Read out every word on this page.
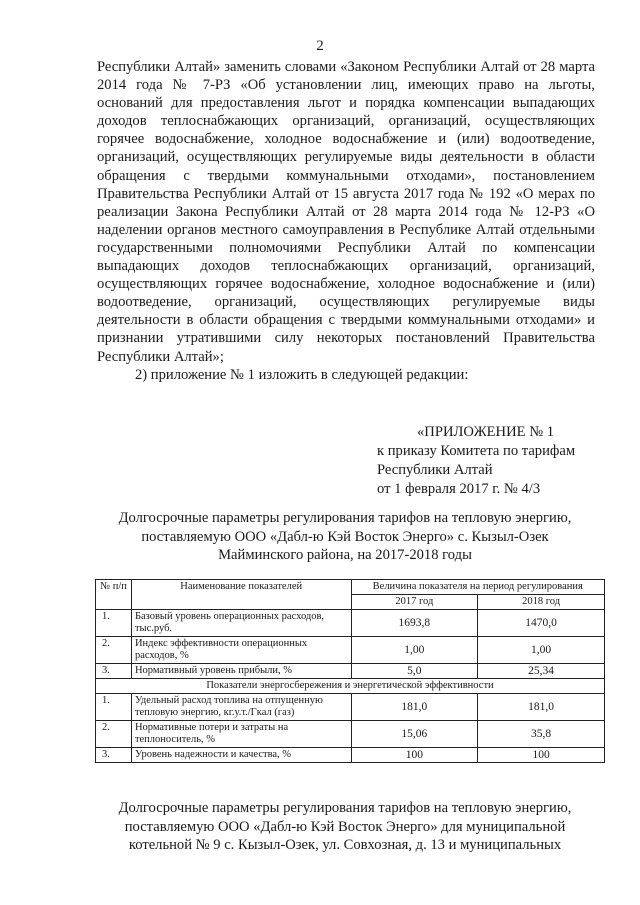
2

Республики Алтай» заменить словами «Законом Республики Алтай от 28 марта 2014 года № 7-РЗ «Об установлении лиц, имеющих право на льготы, оснований для предоставления льгот и порядка компенсации выпадающих доходов теплоснабжающих организаций, организаций, осуществляющих горячее водоснабжение, холодное водоснабжение и (или) водоотведение, организаций, осуществляющих регулируемые виды деятельности в области обращения с твердыми коммунальными отходами», постановлением Правительства Республики Алтай от 15 августа 2017 года № 192 «О мерах по реализации Закона Республики Алтай от 28 марта 2014 года № 12-РЗ «О наделении органов местного самоуправления в Республике Алтай отдельными государственными полномочиями Республики Алтай по компенсации выпадающих доходов теплоснабжающих организаций, организаций, осуществляющих горячее водоснабжение, холодное водоснабжение и (или) водоотведение, организаций, осуществляющих регулируемые виды деятельности в области обращения с твердыми коммунальными отходами» и признании утратившими силу некоторых постановлений Правительства Республики Алтай»;

2) приложение № 1 изложить в следующей редакции:

«ПРИЛОЖЕНИЕ № 1
к приказу Комитета по тарифам
Республики Алтай
от 1 февраля 2017 г. № 4/3
Долгосрочные параметры регулирования тарифов на тепловую энергию,
поставляемую ООО «Дабл-ю Кэй Восток Энерго» с. Кызыл-Озек
Майминского района, на 2017-2018 годы
№ п/п	Наименование показателей	Величина показателя на период регулирования	
		2017 год	2018 год
1.	Базовый уровень операционных расходов, тыс.руб.	1693,8	1470,0
2.	Индекс эффективности операционных расходов, %	1,00	1,00
3.	Нормативный уровень прибыли, %	5,0	25,34
Показатели энергосбережения и энергетической эффективности			
1.	Удельный расход топлива на отпущенную тепловую энергию, кг.у.т./Гкал (газ)	181,0	181,0
2.	Нормативные потери и затраты на теплоноситель, %	15,06	35,8
3.	Уровень надежности и качества, %	100	100
Долгосрочные параметры регулирования тарифов на тепловую энергию,
поставляемую ООО «Дабл-ю Кэй Восток Энерго» для муниципальной
котельной № 9 с. Кызыл-Озек, ул. Совхозная, д. 13 и муниципальных
